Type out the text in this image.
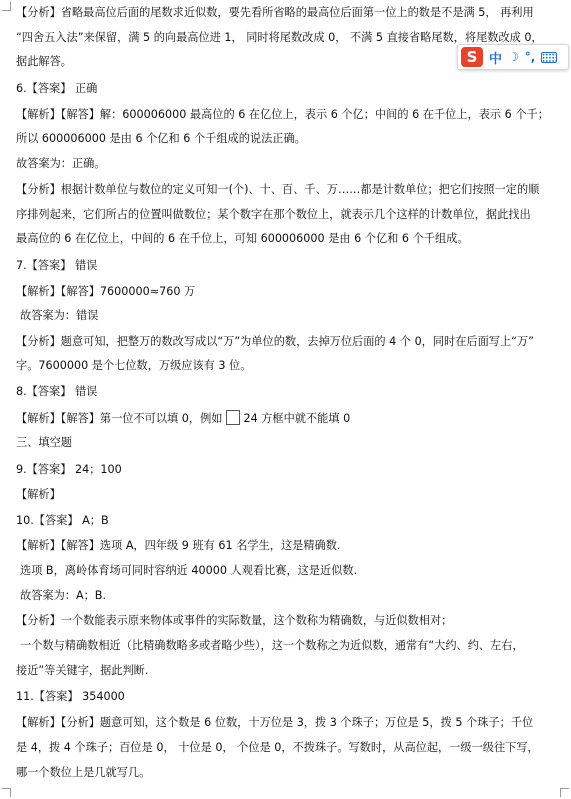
【分析】省略最高位后面的尾数求近似数，要先看所省略的最高位后面第一位上的数是不是满 5， 再利用
“四舍五入法”来保留，满 5 的向最高位进 1， 同时将尾数改成 0， 不满 5 直接省略尾数，将尾数改成 0，
据此解答。
6.【答案】 正确
【解析】【解答】解：600006000 最高位的 6 在亿位上，表示 6 个亿；中间的 6 在千位上，表示 6 个千；
所以 600006000 是由 6 个亿和 6 个千组成的说法正确。
故答案为：正确。
【分析】根据计数单位与数位的定义可知一(个)、十、百、千、万……都是计数单位；把它们按照一定的顺
序排列起来，它们所占的位置叫做数位；某个数字在那个数位上，就表示几个这样的计数单位，据此找出
最高位的 6 在亿位上，中间的 6 在千位上，可知 600006000 是由 6 个亿和 6 个千组成。
7.【答案】 错误
【解析】【解答】7600000≈760 万
故答案为：错误
【分析】题意可知，把整万的数改写成以“万”为单位的数，去掉万位后面的 4 个 0，同时在后面写上“万”
字。7600000 是个七位数，万级应该有 3 位。
8.【答案】 错误
【解析】【解答】第一位不可以填 0，例如 24 方框中就不能填 0
三、填空题
9.【答案】 24；100
【解析】
10.【答案】 A；B
【解析】【解答】选项 A，四年级 9 班有 61 名学生，这是精确数.
选项 B，离岭体育场可同时容纳近 40000 人观看比赛，这是近似数.
故答案为：A；B.
【分析】一个数能表示原来物体或事件的实际数量，这个数称为精确数，与近似数相对；
一个数与精确数相近（比精确数略多或者略少些），这一个数称之为近似数，通常有“大约、约、左右，
接近”等关键字，据此判断.
11.【答案】 354000
【解析】【分析】题意可知，这个数是 6 位数，十万位是 3，拨 3 个珠子；万位是 5，拨 5 个珠子；千位
是 4，拨 4 个珠子；百位是 0， 十位是 0， 个位是 0，不拨珠子。写数时，从高位起，一级一级往下写，
哪一个数位上是几就写几。
S 中 ☽ °,
